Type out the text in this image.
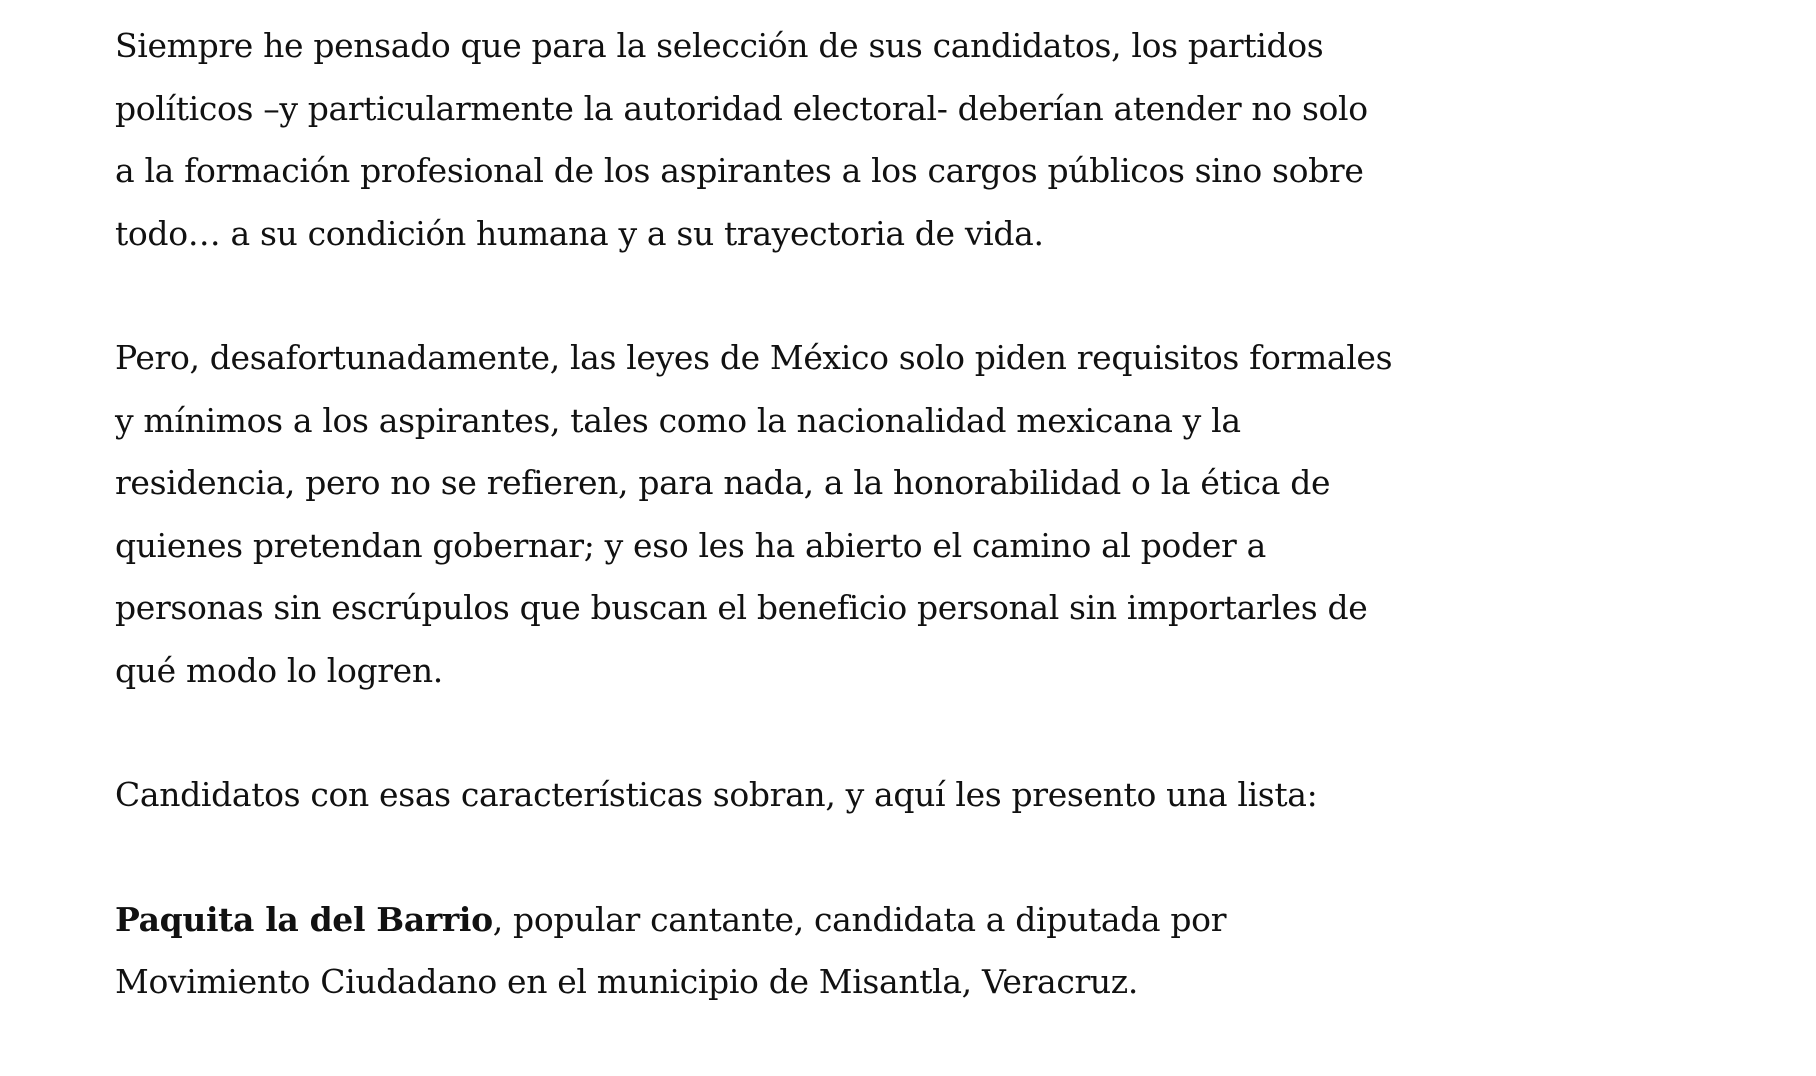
Siempre he pensado que para la selección de sus candidatos, los partidos
políticos –y particularmente la autoridad electoral- deberían atender no solo
a la formación profesional de los aspirantes a los cargos públicos sino sobre
todo… a su condición humana y a su trayectoria de vida.

Pero, desafortunadamente, las leyes de México solo piden requisitos formales
y mínimos a los aspirantes, tales como la nacionalidad mexicana y la
residencia, pero no se refieren, para nada, a la honorabilidad o la ética de
quienes pretendan gobernar; y eso les ha abierto el camino al poder a
personas sin escrúpulos que buscan el beneficio personal sin importarles de
qué modo lo logren.

Candidatos con esas características sobran, y aquí les presento una lista:

Paquita la del Barrio, popular cantante, candidata a diputada por
Movimiento Ciudadano en el municipio de Misantla, Veracruz.
